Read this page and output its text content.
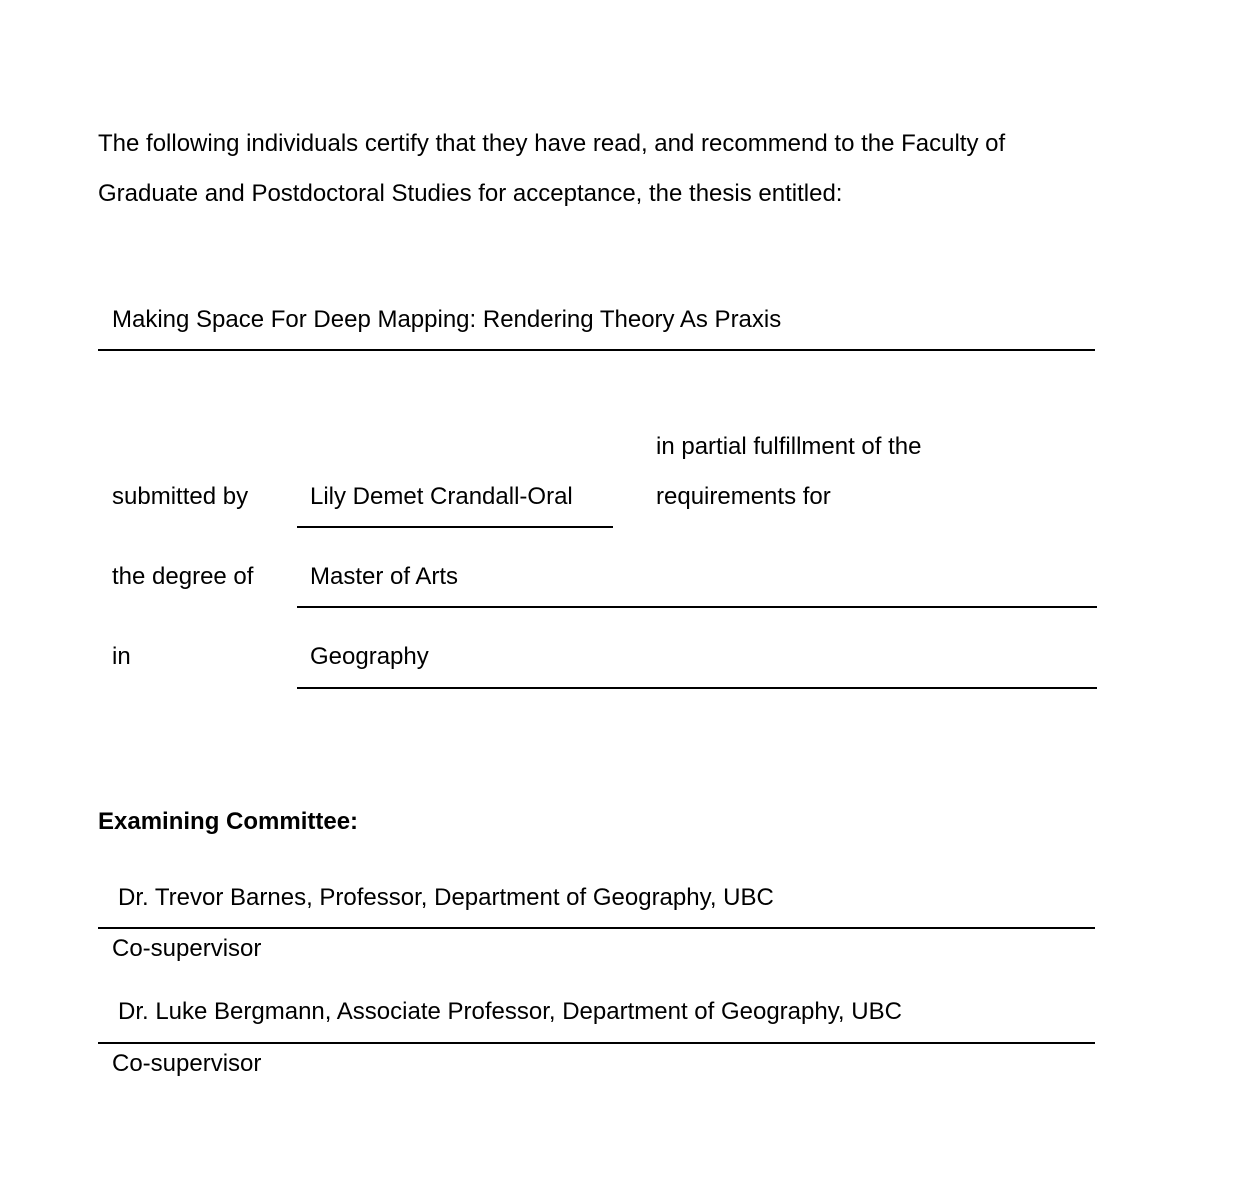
The following individuals certify that they have read, and recommend to the Faculty of
Graduate and Postdoctoral Studies for acceptance, the thesis entitled:
Making Space For Deep Mapping: Rendering Theory As Praxis
in partial fulfillment of the
requirements for
submitted by	Lily Demet Crandall-Oral
the degree of Master of Arts
in	Geography
Examining Committee:
Dr. Trevor Barnes, Professor, Department of Geography, UBC
Co-supervisor
Dr. Luke Bergmann, Associate Professor, Department of Geography, UBC
Co-supervisor
